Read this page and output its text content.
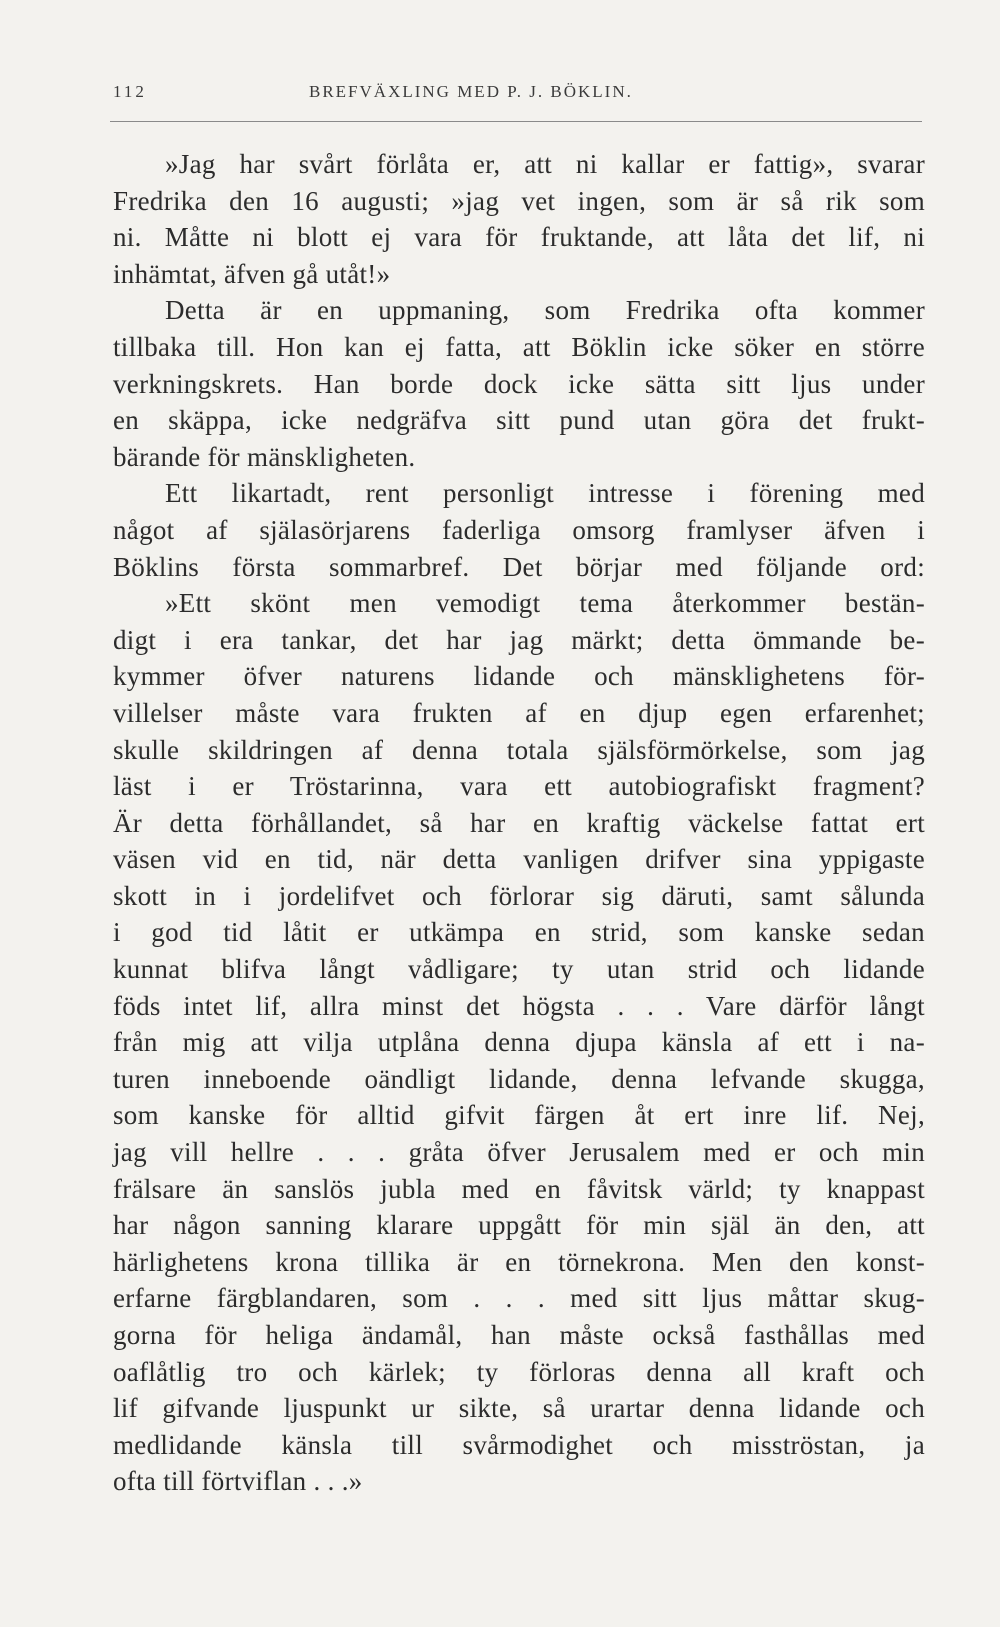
112	BREFVÄXLING MED P. J. BÖKLIN.
»Jag har svårt förlåta er, att ni kallar er fattig», svarar
Fredrika den 16 augusti; »jag vet ingen, som är så rik som
ni. Måtte ni blott ej vara för fruktande, att låta det lif, ni
inhämtat, äfven gå utåt!»
Detta är en uppmaning, som Fredrika ofta kommer
tillbaka till. Hon kan ej fatta, att Böklin icke söker en större
verkningskrets. Han borde dock icke sätta sitt ljus under
en skäppa, icke nedgräfva sitt pund utan göra det frukt-
bärande för mänskligheten.
Ett likartadt, rent personligt intresse i förening med
något af själasörjarens faderliga omsorg framlyser äfven i
Böklins första sommarbref. Det börjar med följande ord:
»Ett skönt men vemodigt tema återkommer bestän-
digt i era tankar, det har jag märkt; detta ömmande be-
kymmer öfver naturens lidande och mänsklighetens för-
villelser måste vara frukten af en djup egen erfarenhet;
skulle skildringen af denna totala själsförmörkelse, som jag
läst i er Tröstarinna, vara ett autobiografiskt fragment?
Är detta förhållandet, så har en kraftig väckelse fattat ert
väsen vid en tid, när detta vanligen drifver sina yppigaste
skott in i jordelifvet och förlorar sig däruti, samt sålunda
i god tid låtit er utkämpa en strid, som kanske sedan
kunnat blifva långt vådligare; ty utan strid och lidande
föds intet lif, allra minst det högsta . . . Vare därför långt
från mig att vilja utplåna denna djupa känsla af ett i na-
turen inneboende oändligt lidande, denna lefvande skugga,
som kanske för alltid gifvit färgen åt ert inre lif. Nej,
jag vill hellre . . . gråta öfver Jerusalem med er och min
frälsare än sanslös jubla med en fåvitsk värld; ty knappast
har någon sanning klarare uppgått för min själ än den, att
härlighetens krona tillika är en törnekrona. Men den konst-
erfarne färgblandaren, som . . . med sitt ljus måttar skug-
gorna för heliga ändamål, han måste också fasthållas med
oaflåtlig tro och kärlek; ty förloras denna all kraft och
lif gifvande ljuspunkt ur sikte, så urartar denna lidande och
medlidande känsla till svårmodighet och misströstan, ja
ofta till förtviflan . . .»
